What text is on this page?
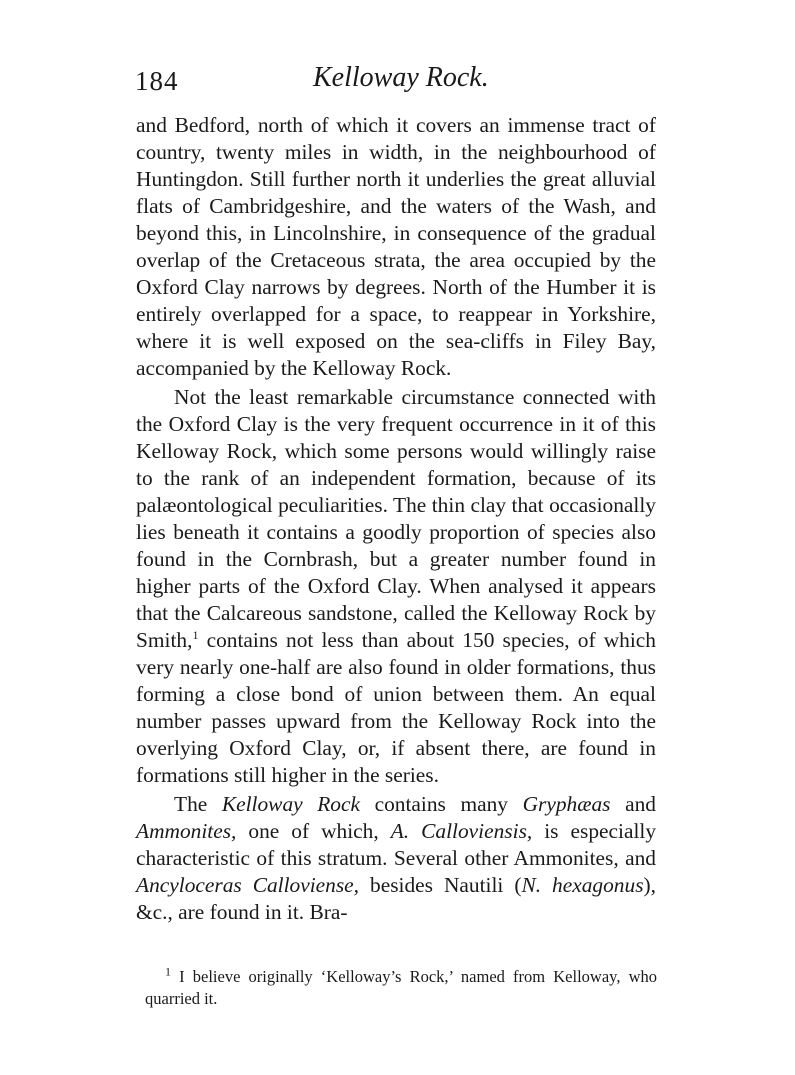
184	Kelloway Rock.

and Bedford, north of which it covers an immense tract of country, twenty miles in width, in the neighbourhood of Huntingdon. Still further north it underlies the great alluvial flats of Cambridgeshire, and the waters of the Wash, and beyond this, in Lincolnshire, in consequence of the gradual overlap of the Cretaceous strata, the area occupied by the Oxford Clay narrows by degrees. North of the Humber it is entirely overlapped for a space, to reappear in Yorkshire, where it is well exposed on the sea-cliffs in Filey Bay, accompanied by the Kelloway Rock.

Not the least remarkable circumstance connected with the Oxford Clay is the very frequent occurrence in it of this Kelloway Rock, which some persons would willingly raise to the rank of an independent formation, because of its palæontological peculiarities. The thin clay that occasionally lies beneath it contains a goodly proportion of species also found in the Cornbrash, but a greater number found in higher parts of the Oxford Clay. When analysed it appears that the Calcareous sandstone, called the Kelloway Rock by Smith,$^1$ contains not less than about 150 species, of which very nearly one-half are also found in older formations, thus forming a close bond of union between them. An equal number passes upward from the Kelloway Rock into the overlying Oxford Clay, or, if absent there, are found in formations still higher in the series.

The Kelloway Rock contains many Gryphæas and Ammonites, one of which, A. Calloviensis, is especially characteristic of this stratum. Several other Ammonites, and Ancyloceras Calloviense, besides Nautili (N. hexagonus), &c., are found in it. Bra-

$^1$ I believe originally ‘Kelloway’s Rock,’ named from Kelloway, who quarried it.
